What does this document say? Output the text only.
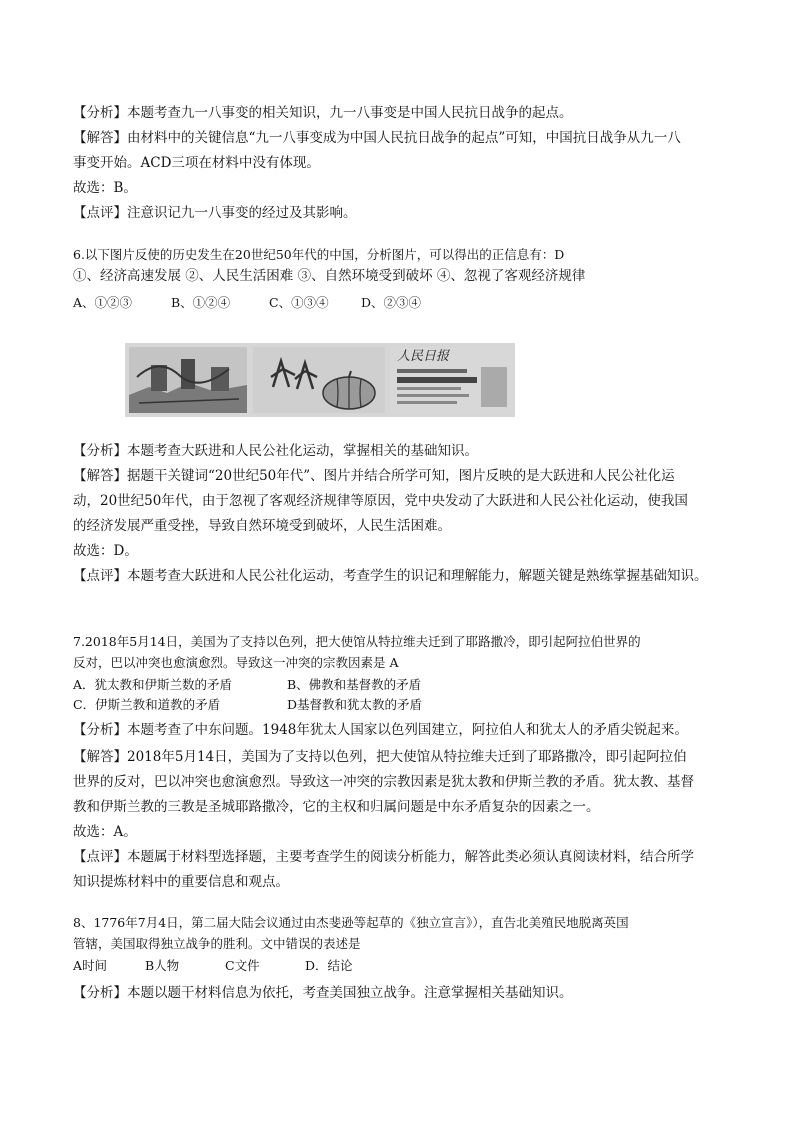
【分析】本题考查九一八事变的相关知识，九一八事变是中国人民抗日战争的起点。
【解答】由材料中的关键信息“九一八事变成为中国人民抗日战争的起点”可知，中国抗日战争从九一八
事变开始。ACD三项在材料中没有体现。
故选：B。
【点评】注意识记九一八事变的经过及其影响。
6.以下图片反使的历史发生在20世纪50年代的中国，分析图片，可以得出的正信息有：D
①、经济高速发展 ②、人民生活困难 ③、自然环境受到破坏 ④、忽视了客观经济规律
A、①②③	B、①②④	C、①③④	D、②③④
人民日报
【分析】本题考查大跃进和人民公社化运动，掌握相关的基础知识。
【解答】据题干关键词“20世纪50年代”、图片并结合所学可知，图片反映的是大跃进和人民公社化运
动，20世纪50年代，由于忽视了客观经济规律等原因，党中央发动了大跃进和人民公社化运动，使我国
的经济发展严重受挫，导致自然环境受到破坏，人民生活困难。
故选：D。
【点评】本题考查大跃进和人民公社化运动，考查学生的识记和理解能力，解题关键是熟练掌握基础知识。
7.2018年5月14日，美国为了支持以色列，把大使馆从特拉维夫迁到了耶路撒冷，即引起阿拉伯世界的
反对，巴以冲突也愈演愈烈。导致这一冲突的宗教因素是 A
A．犹太教和伊斯兰数的矛盾	B、佛教和基督教的矛盾
C．伊斯兰教和道教的矛盾	D基督教和犹太教的矛盾
【分析】本题考查了中东问题。1948年犹太人国家以色列国建立，阿拉伯人和犹太人的矛盾尖锐起来。
【解答】2018年5月14日，美国为了支持以色列，把大使馆从特拉维夫迁到了耶路撒冷，即引起阿拉伯
世界的反对，巴以冲突也愈演愈烈。导致这一冲突的宗教因素是犹太教和伊斯兰教的矛盾。犹太教、基督
教和伊斯兰教的三教是圣城耶路撒冷，它的主权和归属问题是中东矛盾复杂的因素之一。
故选：A。
【点评】本题属于材料型选择题，主要考查学生的阅读分析能力，解答此类必须认真阅读材料，结合所学
知识提炼材料中的重要信息和观点。
8、1776年7月4日，第二届大陆会议通过由杰斐逊等起草的《独立宣言》），直告北美殖民地脱离英国
管辖，美国取得独立战争的胜利。文中错误的表述是
A时间	B人物	C文件	D．结论
【分析】本题以题干材料信息为依托，考查美国独立战争。注意掌握相关基础知识。
